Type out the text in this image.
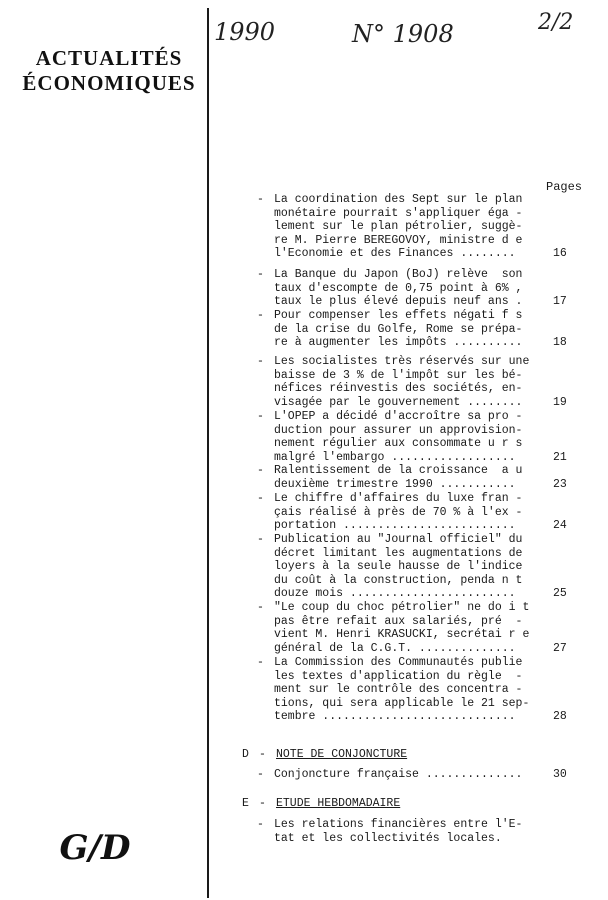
ACTUALITÉS
ÉCONOMIQUES
1990	N° 1908	2/2
Pages
- La coordination des Sept sur le plan
monétaire pourrait s'appliquer éga -
lement sur le plan pétrolier, suggè-
re M. Pierre BEREGOVOY, ministre d e
l'Economie et des Finances ........	16
- La Banque du Japon (BoJ) relève  son
taux d'escompte de 0,75 point à 6% ,
taux le plus élevé depuis neuf ans .	17
- Pour compenser les effets négati f s
de la crise du Golfe, Rome se prépa-
re à augmenter les impôts ..........	18
- Les socialistes très réservés sur une
baisse de 3 % de l'impôt sur les bé-
néfices réinvestis des sociétés, en-
visagée par le gouvernement ........	19
- L'OPEP a décidé d'accroître sa pro -
duction pour assurer un approvision-
nement régulier aux consommate u r s
malgré l'embargo ..................	21
- Ralentissement de la croissance  a u
deuxième trimestre 1990 ...........	23
- Le chiffre d'affaires du luxe fran -
çais réalisé à près de 70 % à l'ex -
portation .........................	24
- Publication au "Journal officiel" du
décret limitant les augmentations de
loyers à la seule hausse de l'indice
du coût à la construction, penda n t
douze mois ........................	25
- "Le coup du choc pétrolier" ne do i t
pas être refait aux salariés, pré  -
vient M. Henri KRASUCKI, secrétai r e
général de la C.G.T. ..............	27
- La Commission des Communautés publie
les textes d'application du règle  -
ment sur le contrôle des concentra -
tions, qui sera applicable le 21 sep-
tembre ............................	28
D - NOTE DE CONJONCTURE
- Conjoncture française ..............	30
E - ETUDE HEBDOMADAIRE
- Les relations financières entre l'E-
tat et les collectivités locales.
G/D
